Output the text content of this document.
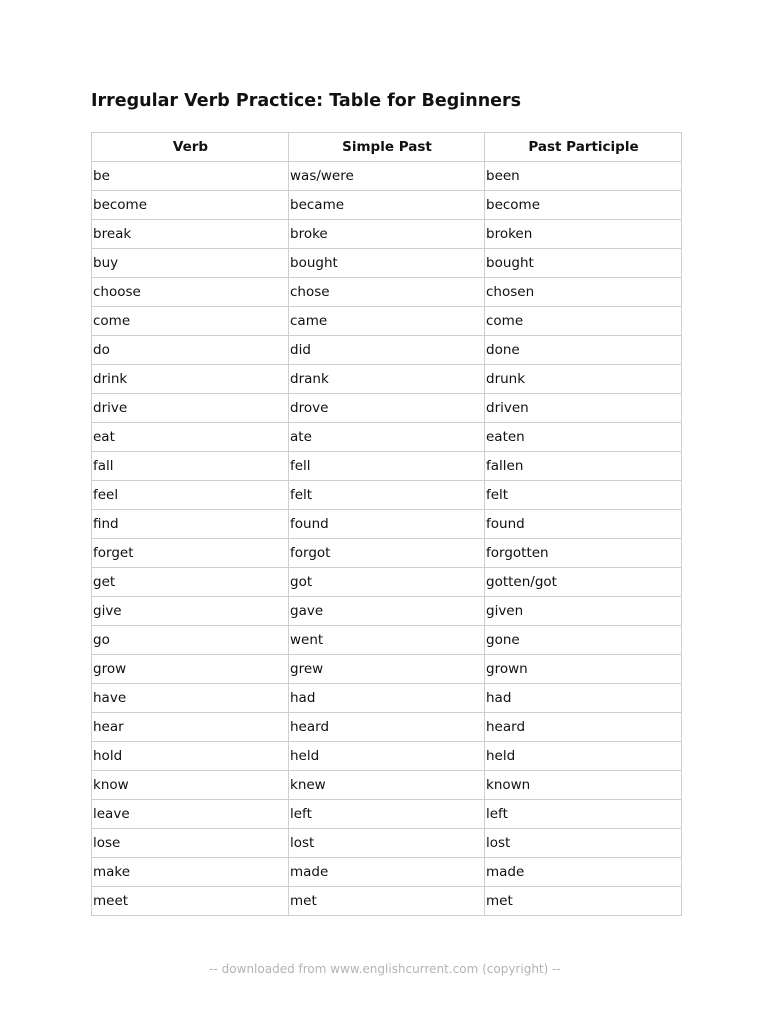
Irregular Verb Practice: Table for Beginners
Verb	Simple Past	Past Participle
be	was/were	been
become	became	become
break	broke	broken
buy	bought	bought
choose	chose	chosen
come	came	come
do	did	done
drink	drank	drunk
drive	drove	driven
eat	ate	eaten
fall	fell	fallen
feel	felt	felt
find	found	found
forget	forgot	forgotten
get	got	gotten/got
give	gave	given
go	went	gone
grow	grew	grown
have	had	had
hear	heard	heard
hold	held	held
know	knew	known
leave	left	left
lose	lost	lost
make	made	made
meet	met	met
-- downloaded from www.englishcurrent.com (copyright) --
